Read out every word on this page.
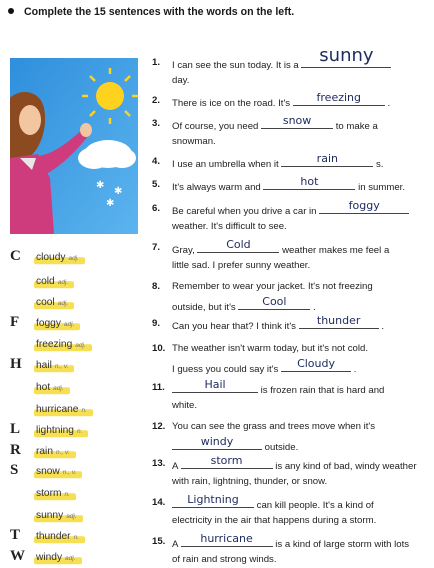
Complete the 15 sentences with the words on the left.
✱
✱
✱
C cloudy adj.
cold adj.
cool adj.
F foggy adj.
freezing adj.
H hail n., v.
hot adj.
hurricane n.
L lightning n.
R rain n., v.
S snow n., v.
storm n.
sunny adj.
T thunder n.
W windy adj.
1. I can see the sun today. It is a sunny
day.
2. There is ice on the road. It's freezing	.
3. Of course, you need snow	to make a
snowman.
4. I use an umbrella when it	rain	s.
5. It's always warm and	hot	in summer.
6. Be careful when you drive a car in	foggy
weather. It's difficult to see.
7. Gray,	Cold	weather makes me feel a
little sad. I prefer sunny weather.
8. Remember to wear your jacket. It's not freezing
outside, but it's Cool	.
9. Can you hear that? I think it's thunder .
10. The weather isn't warm today, but it's not cold.
I guess you could say it's Cloudy .
11.	Hail	is frozen rain that is hard and
white.
12. You can see the grass and trees move when it's
windy	outside.
13. A	storm	is any kind of bad, windy weather
with rain, lightning, thunder, or snow.
14. Lightning can kill people. It's a kind of
electricity in the air that happens during a storm.
15. A hurricane is a kind of large storm with lots
of rain and strong winds.
